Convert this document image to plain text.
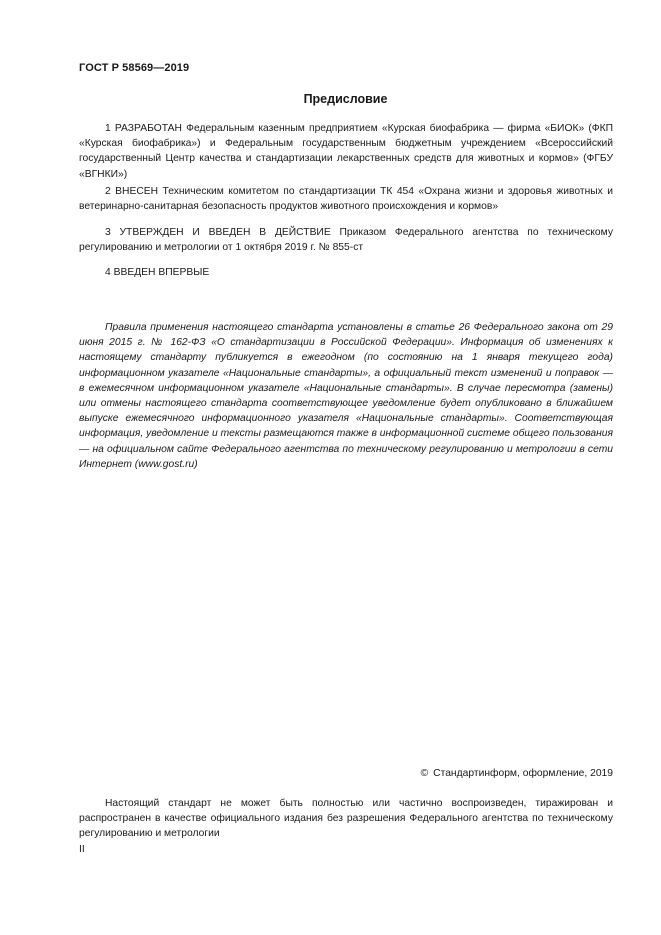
ГОСТ Р 58569—2019
Предисловие

1 РАЗРАБОТАН Федеральным казенным предприятием «Курская биофабрика — фирма «БИОК» (ФКП «Курская биофабрика») и Федеральным государственным бюджетным учреждением «Всероссийский государственный Центр качества и стандартизации лекарственных средств для животных и кормов» (ФГБУ «ВГНКИ»)

2 ВНЕСЕН Техническим комитетом по стандартизации ТК 454 «Охрана жизни и здоровья животных и ветеринарно-санитарная безопасность продуктов животного происхождения и кормов»

3 УТВЕРЖДЕН И ВВЕДЕН В ДЕЙСТВИЕ Приказом Федерального агентства по техническому регулированию и метрологии от 1 октября 2019 г. № 855-ст

4 ВВЕДЕН ВПЕРВЫЕ

Правила применения настоящего стандарта установлены в статье 26 Федерального закона от 29 июня 2015 г. № 162-ФЗ «О стандартизации в Российской Федерации». Информация об изменениях к настоящему стандарту публикуется в ежегодном (по состоянию на 1 января текущего года) информационном указателе «Национальные стандарты», а официальный текст изменений и поправок — в ежемесячном информационном указателе «Национальные стандарты». В случае пересмотра (замены) или отмены настоящего стандарта соответствующее уведомление будет опубликовано в ближайшем выпуске ежемесячного информационного указателя «Национальные стандарты». Соответствующая информация, уведомление и тексты размещаются также в информационной системе общего пользования — на официальном сайте Федерального агентства по техническому регулированию и метрологии в сети Интернет (www.gost.ru)

© Стандартинформ, оформление, 2019

Настоящий стандарт не может быть полностью или частично воспроизведен, тиражирован и распространен в качестве официального издания без разрешения Федерального агентства по техническому регулированию и метрологии

II
